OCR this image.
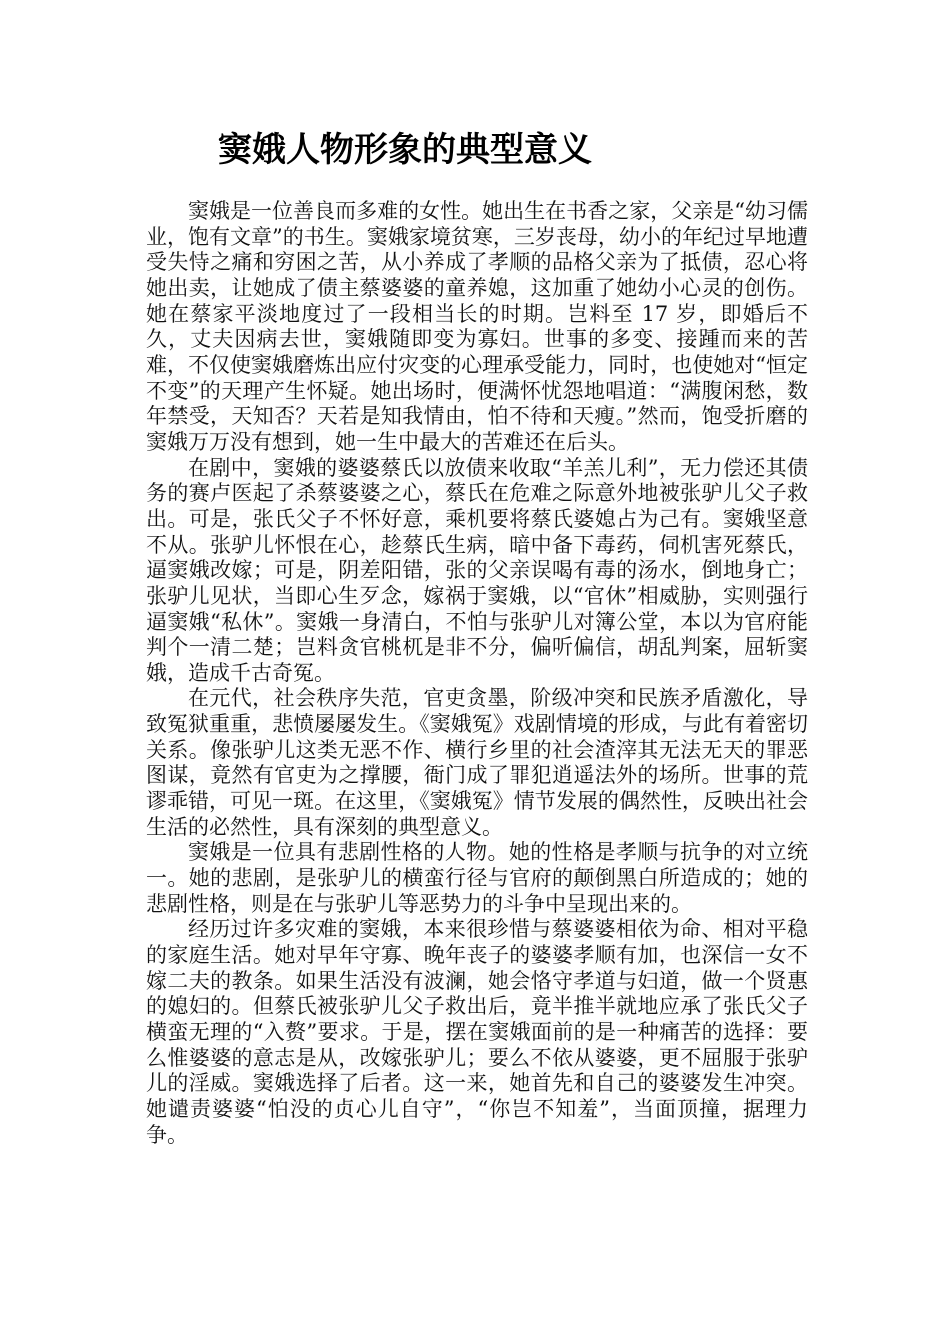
窦娥人物形象的典型意义

窦娥是一位善良而多难的女性。她出生在书香之家，父亲是“幼习儒业，饱有文章”的书生。窦娥家境贫寒，三岁丧母，幼小的年纪过早地遭受失恃之痛和穷困之苦，从小养成了孝顺的品格父亲为了抵债，忍心将她出卖，让她成了债主蔡婆婆的童养媳，这加重了她幼小心灵的创伤。她在蔡家平淡地度过了一段相当长的时期。岂料至 17 岁，即婚后不久，丈夫因病去世，窦娥随即变为寡妇。世事的多变、接踵而来的苦难，不仅使窦娥磨炼出应付灾变的心理承受能力，同时，也使她对“恒定不变”的天理产生怀疑。她出场时，便满怀忧怨地唱道：“满腹闲愁，数年禁受，天知否？天若是知我情由，怕不待和天瘦。”然而，饱受折磨的窦娥万万没有想到，她一生中最大的苦难还在后头。

在剧中，窦娥的婆婆蔡氏以放债来收取“羊羔儿利”，无力偿还其债务的赛卢医起了杀蔡婆婆之心，蔡氏在危难之际意外地被张驴儿父子救出。可是，张氏父子不怀好意，乘机要将蔡氏婆媳占为己有。窦娥坚意不从。张驴儿怀恨在心，趁蔡氏生病，暗中备下毒药，伺机害死蔡氏，逼窦娥改嫁；可是，阴差阳错，张的父亲误喝有毒的汤水，倒地身亡；张驴儿见状，当即心生歹念，嫁祸于窦娥，以“官休”相威胁，实则强行逼窦娥“私休”。窦娥一身清白，不怕与张驴儿对簿公堂，本以为官府能判个一清二楚；岂料贪官桃杌是非不分，偏听偏信，胡乱判案，屈斩窦娥，造成千古奇冤。

在元代，社会秩序失范，官吏贪墨，阶级冲突和民族矛盾激化，导致冤狱重重，悲愤屡屡发生。《窦娥冤》戏剧情境的形成，与此有着密切关系。像张驴儿这类无恶不作、横行乡里的社会渣滓其无法无天的罪恶图谋，竟然有官吏为之撑腰，衙门成了罪犯逍遥法外的场所。世事的荒谬乖错，可见一斑。在这里，《窦娥冤》情节发展的偶然性，反映出社会生活的必然性，具有深刻的典型意义。

窦娥是一位具有悲剧性格的人物。她的性格是孝顺与抗争的对立统一。她的悲剧，是张驴儿的横蛮行径与官府的颠倒黑白所造成的；她的悲剧性格，则是在与张驴儿等恶势力的斗争中呈现出来的。

经历过许多灾难的窦娥，本来很珍惜与蔡婆婆相依为命、相对平稳的家庭生活。她对早年守寡、晚年丧子的婆婆孝顺有加，也深信一女不嫁二夫的教条。如果生活没有波澜，她会恪守孝道与妇道，做一个贤惠的媳妇的。但蔡氏被张驴儿父子救出后，竟半推半就地应承了张氏父子横蛮无理的“入赘”要求。于是，摆在窦娥面前的是一种痛苦的选择：要么惟婆婆的意志是从，改嫁张驴儿；要么不依从婆婆，更不屈服于张驴儿的淫威。窦娥选择了后者。这一来，她首先和自己的婆婆发生冲突。她谴责婆婆“怕没的贞心儿自守”，“你岂不知羞”，当面顶撞，据理力争。
